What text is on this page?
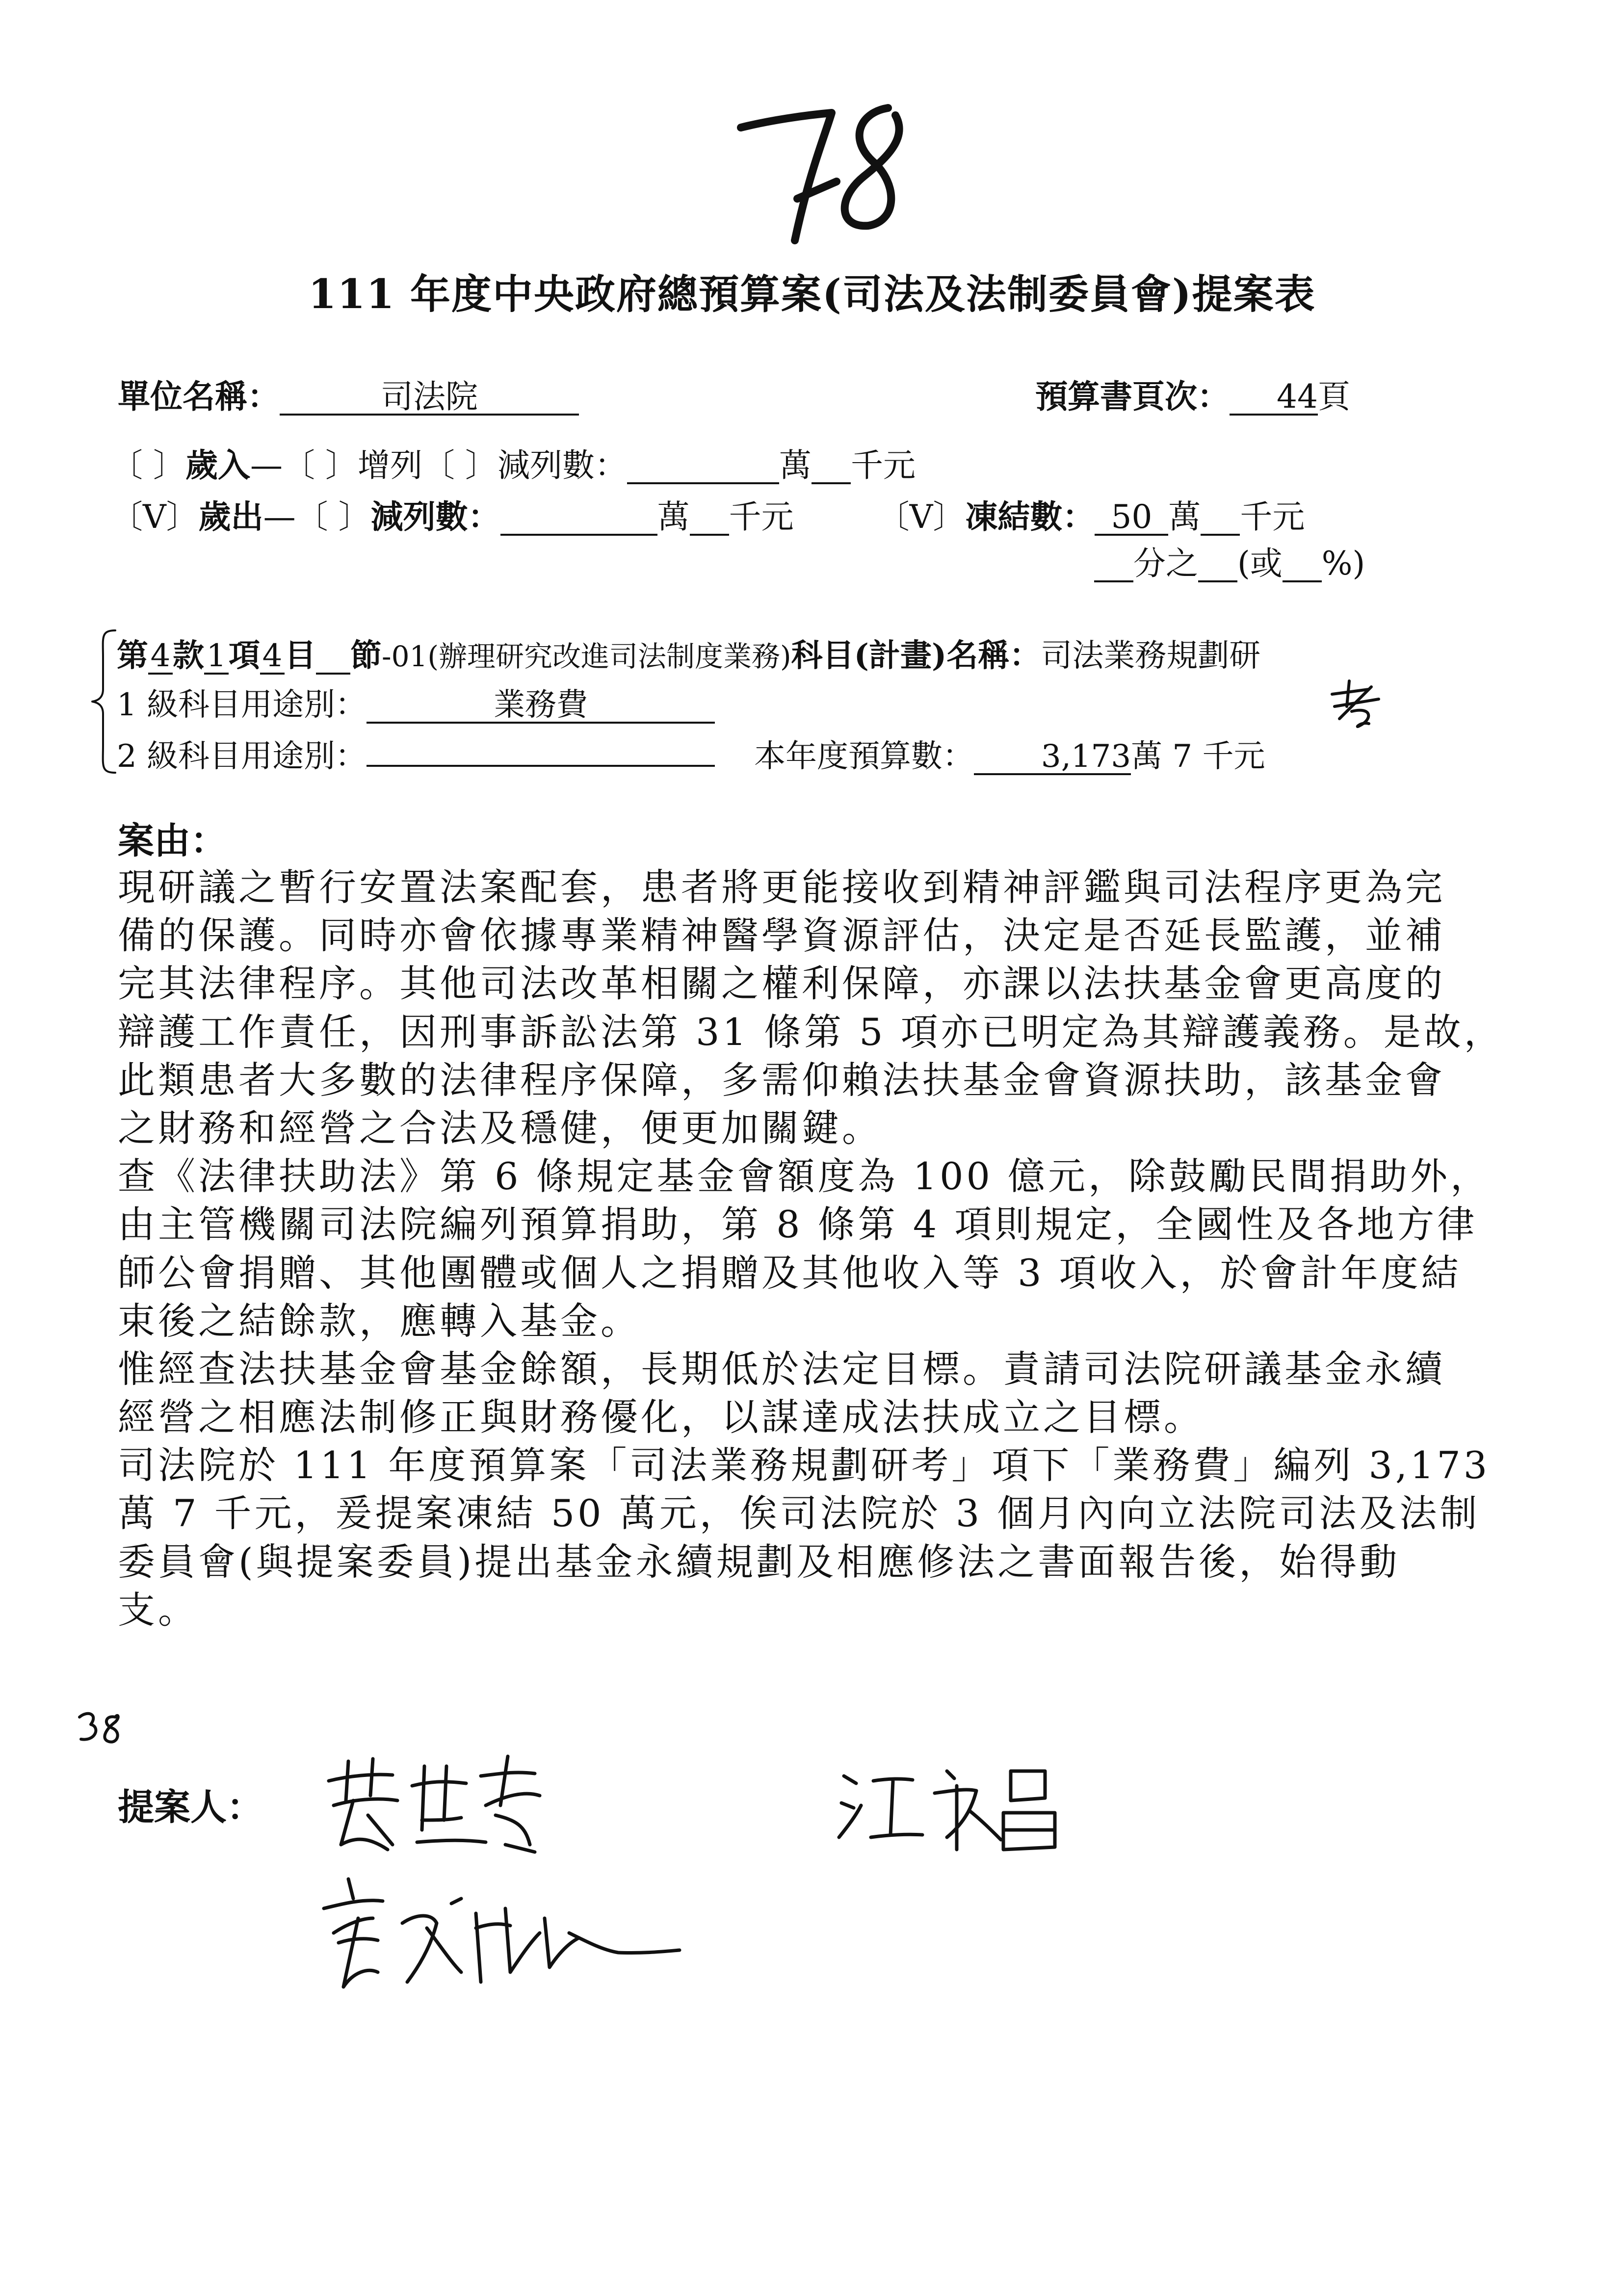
78
111 年度中央政府總預算案(司法及法制委員會)提案表
單位名稱：	司法院	預算書頁次： 44頁
〔 〕歲入—〔 〕增列〔 〕減列數：	萬 千元
〔V〕歲出—〔 〕減列數：	萬 千元	〔V〕凍結數： 50 萬 千元
分之 (或 %)
第4款1項4目 節-01(辦理研究改進司法制度業務)科目(計畫)名稱：司法業務規劃研
考
1 級科目用途別：	業務費
2 級科目用途別：	本年度預算數： 3,173萬 7 千元
案由：

現研議之暫行安置法案配套，患者將更能接收到精神評鑑與司法程序更為完
備的保護。同時亦會依據專業精神醫學資源評估，決定是否延長監護，並補
完其法律程序。其他司法改革相關之權利保障，亦課以法扶基金會更高度的
辯護工作責任，因刑事訴訟法第 31 條第 5 項亦已明定為其辯護義務。是故，
此類患者大多數的法律程序保障，多需仰賴法扶基金會資源扶助，該基金會
之財務和經營之合法及穩健，便更加關鍵。

查《法律扶助法》第 6 條規定基金會額度為 100 億元，除鼓勵民間捐助外，
由主管機關司法院編列預算捐助，第 8 條第 4 項則規定，全國性及各地方律
師公會捐贈、其他團體或個人之捐贈及其他收入等 3 項收入，於會計年度結
束後之結餘款，應轉入基金。

惟經查法扶基金會基金餘額，長期低於法定目標。責請司法院研議基金永續
經營之相應法制修正與財務優化，以謀達成法扶成立之目標。

司法院於 111 年度預算案「司法業務規劃研考」項下「業務費」編列 3,173
萬 7 千元，爰提案凍結 50 萬元，俟司法院於 3 個月內向立法院司法及法制
委員會(與提案委員)提出基金永續規劃及相應修法之書面報告後，始得動
支。

38
提案人：
